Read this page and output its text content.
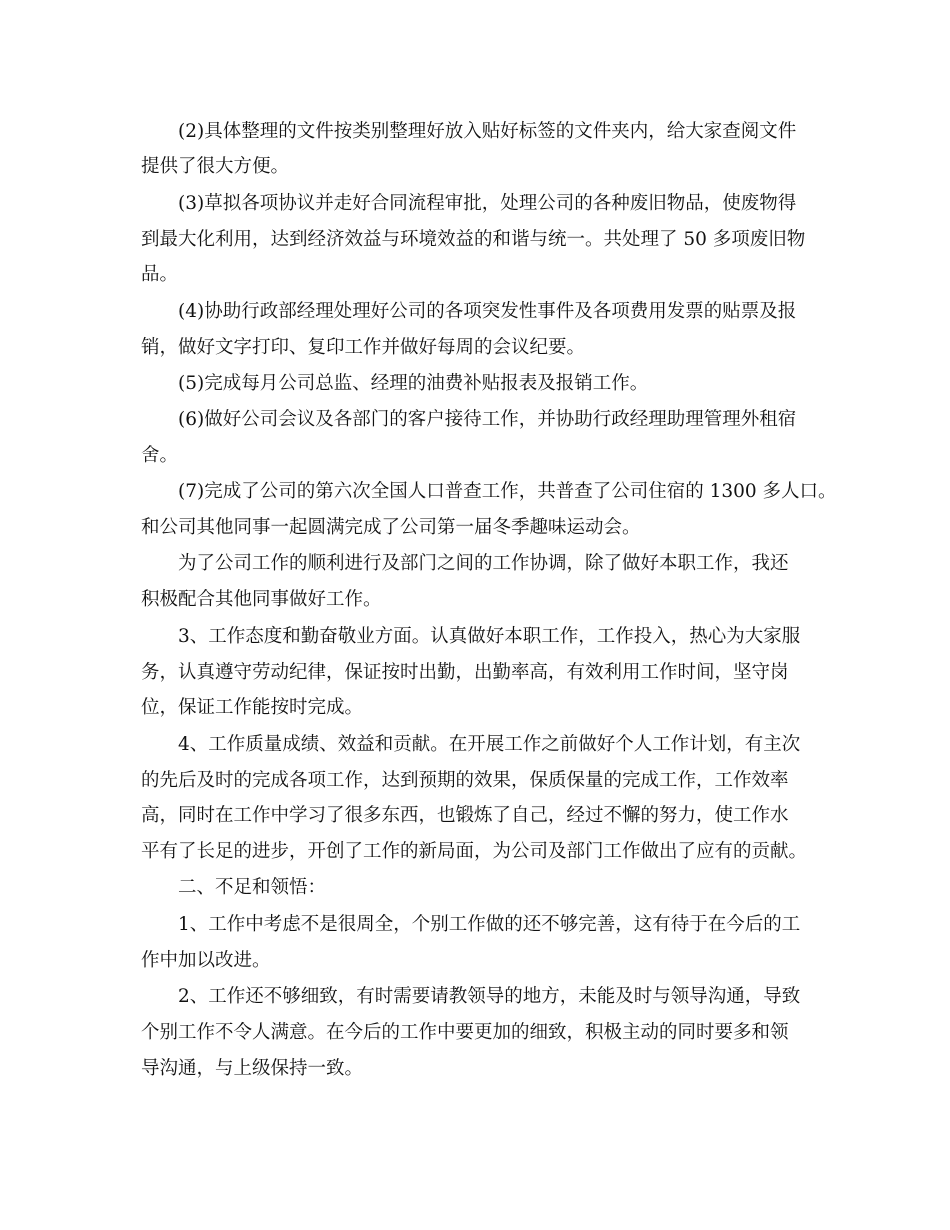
(2)具体整理的文件按类别整理好放入贴好标签的文件夹内，给大家查阅文件
提供了很大方便。
(3)草拟各项协议并走好合同流程审批，处理公司的各种废旧物品，使废物得
到最大化利用，达到经济效益与环境效益的和谐与统一。共处理了 50 多项废旧物
品。
(4)协助行政部经理处理好公司的各项突发性事件及各项费用发票的贴票及报
销，做好文字打印、复印工作并做好每周的会议纪要。
(5)完成每月公司总监、经理的油费补贴报表及报销工作。
(6)做好公司会议及各部门的客户接待工作，并协助行政经理助理管理外租宿
舍。
(7)完成了公司的第六次全国人口普查工作，共普查了公司住宿的 1300 多人口。
和公司其他同事一起圆满完成了公司第一届冬季趣味运动会。
为了公司工作的顺利进行及部门之间的工作协调，除了做好本职工作，我还
积极配合其他同事做好工作。
3、工作态度和勤奋敬业方面。认真做好本职工作，工作投入，热心为大家服
务，认真遵守劳动纪律，保证按时出勤，出勤率高，有效利用工作时间，坚守岗
位，保证工作能按时完成。
4、工作质量成绩、效益和贡献。在开展工作之前做好个人工作计划，有主次
的先后及时的完成各项工作，达到预期的效果，保质保量的完成工作，工作效率
高，同时在工作中学习了很多东西，也锻炼了自己，经过不懈的努力，使工作水
平有了长足的进步，开创了工作的新局面，为公司及部门工作做出了应有的贡献。
二、不足和领悟：
1、工作中考虑不是很周全，个别工作做的还不够完善，这有待于在今后的工
作中加以改进。
2、工作还不够细致，有时需要请教领导的地方，未能及时与领导沟通，导致
个别工作不令人满意。在今后的工作中要更加的细致，积极主动的同时要多和领
导沟通，与上级保持一致。
